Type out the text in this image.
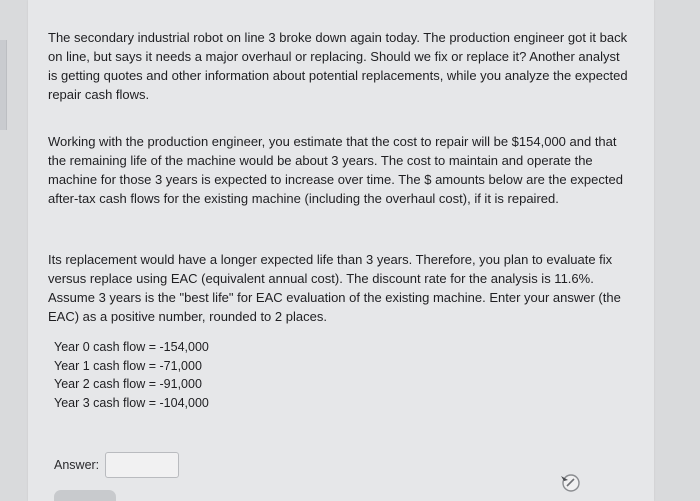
The secondary industrial robot on line 3 broke down again today. The production engineer got it back on line, but says it needs a major overhaul or replacing. Should we fix or replace it? Another analyst is getting quotes and other information about potential replacements, while you analyze the expected repair cash flows.

Working with the production engineer, you estimate that the cost to repair will be $154,000 and that the remaining life of the machine would be about 3 years. The cost to maintain and operate the machine for those 3 years is expected to increase over time. The $ amounts below are the expected after-tax cash flows for the existing machine (including the overhaul cost), if it is repaired.

Its replacement would have a longer expected life than 3 years. Therefore, you plan to evaluate fix versus replace using EAC (equivalent annual cost). The discount rate for the analysis is 11.6%. Assume 3 years is the "best life" for EAC evaluation of the existing machine. Enter your answer (the EAC) as a positive number, rounded to 2 places.

Year 0 cash flow = -154,000
Year 1 cash flow = -71,000
Year 2 cash flow = -91,000
Year 3 cash flow = -104,000
Answer:
